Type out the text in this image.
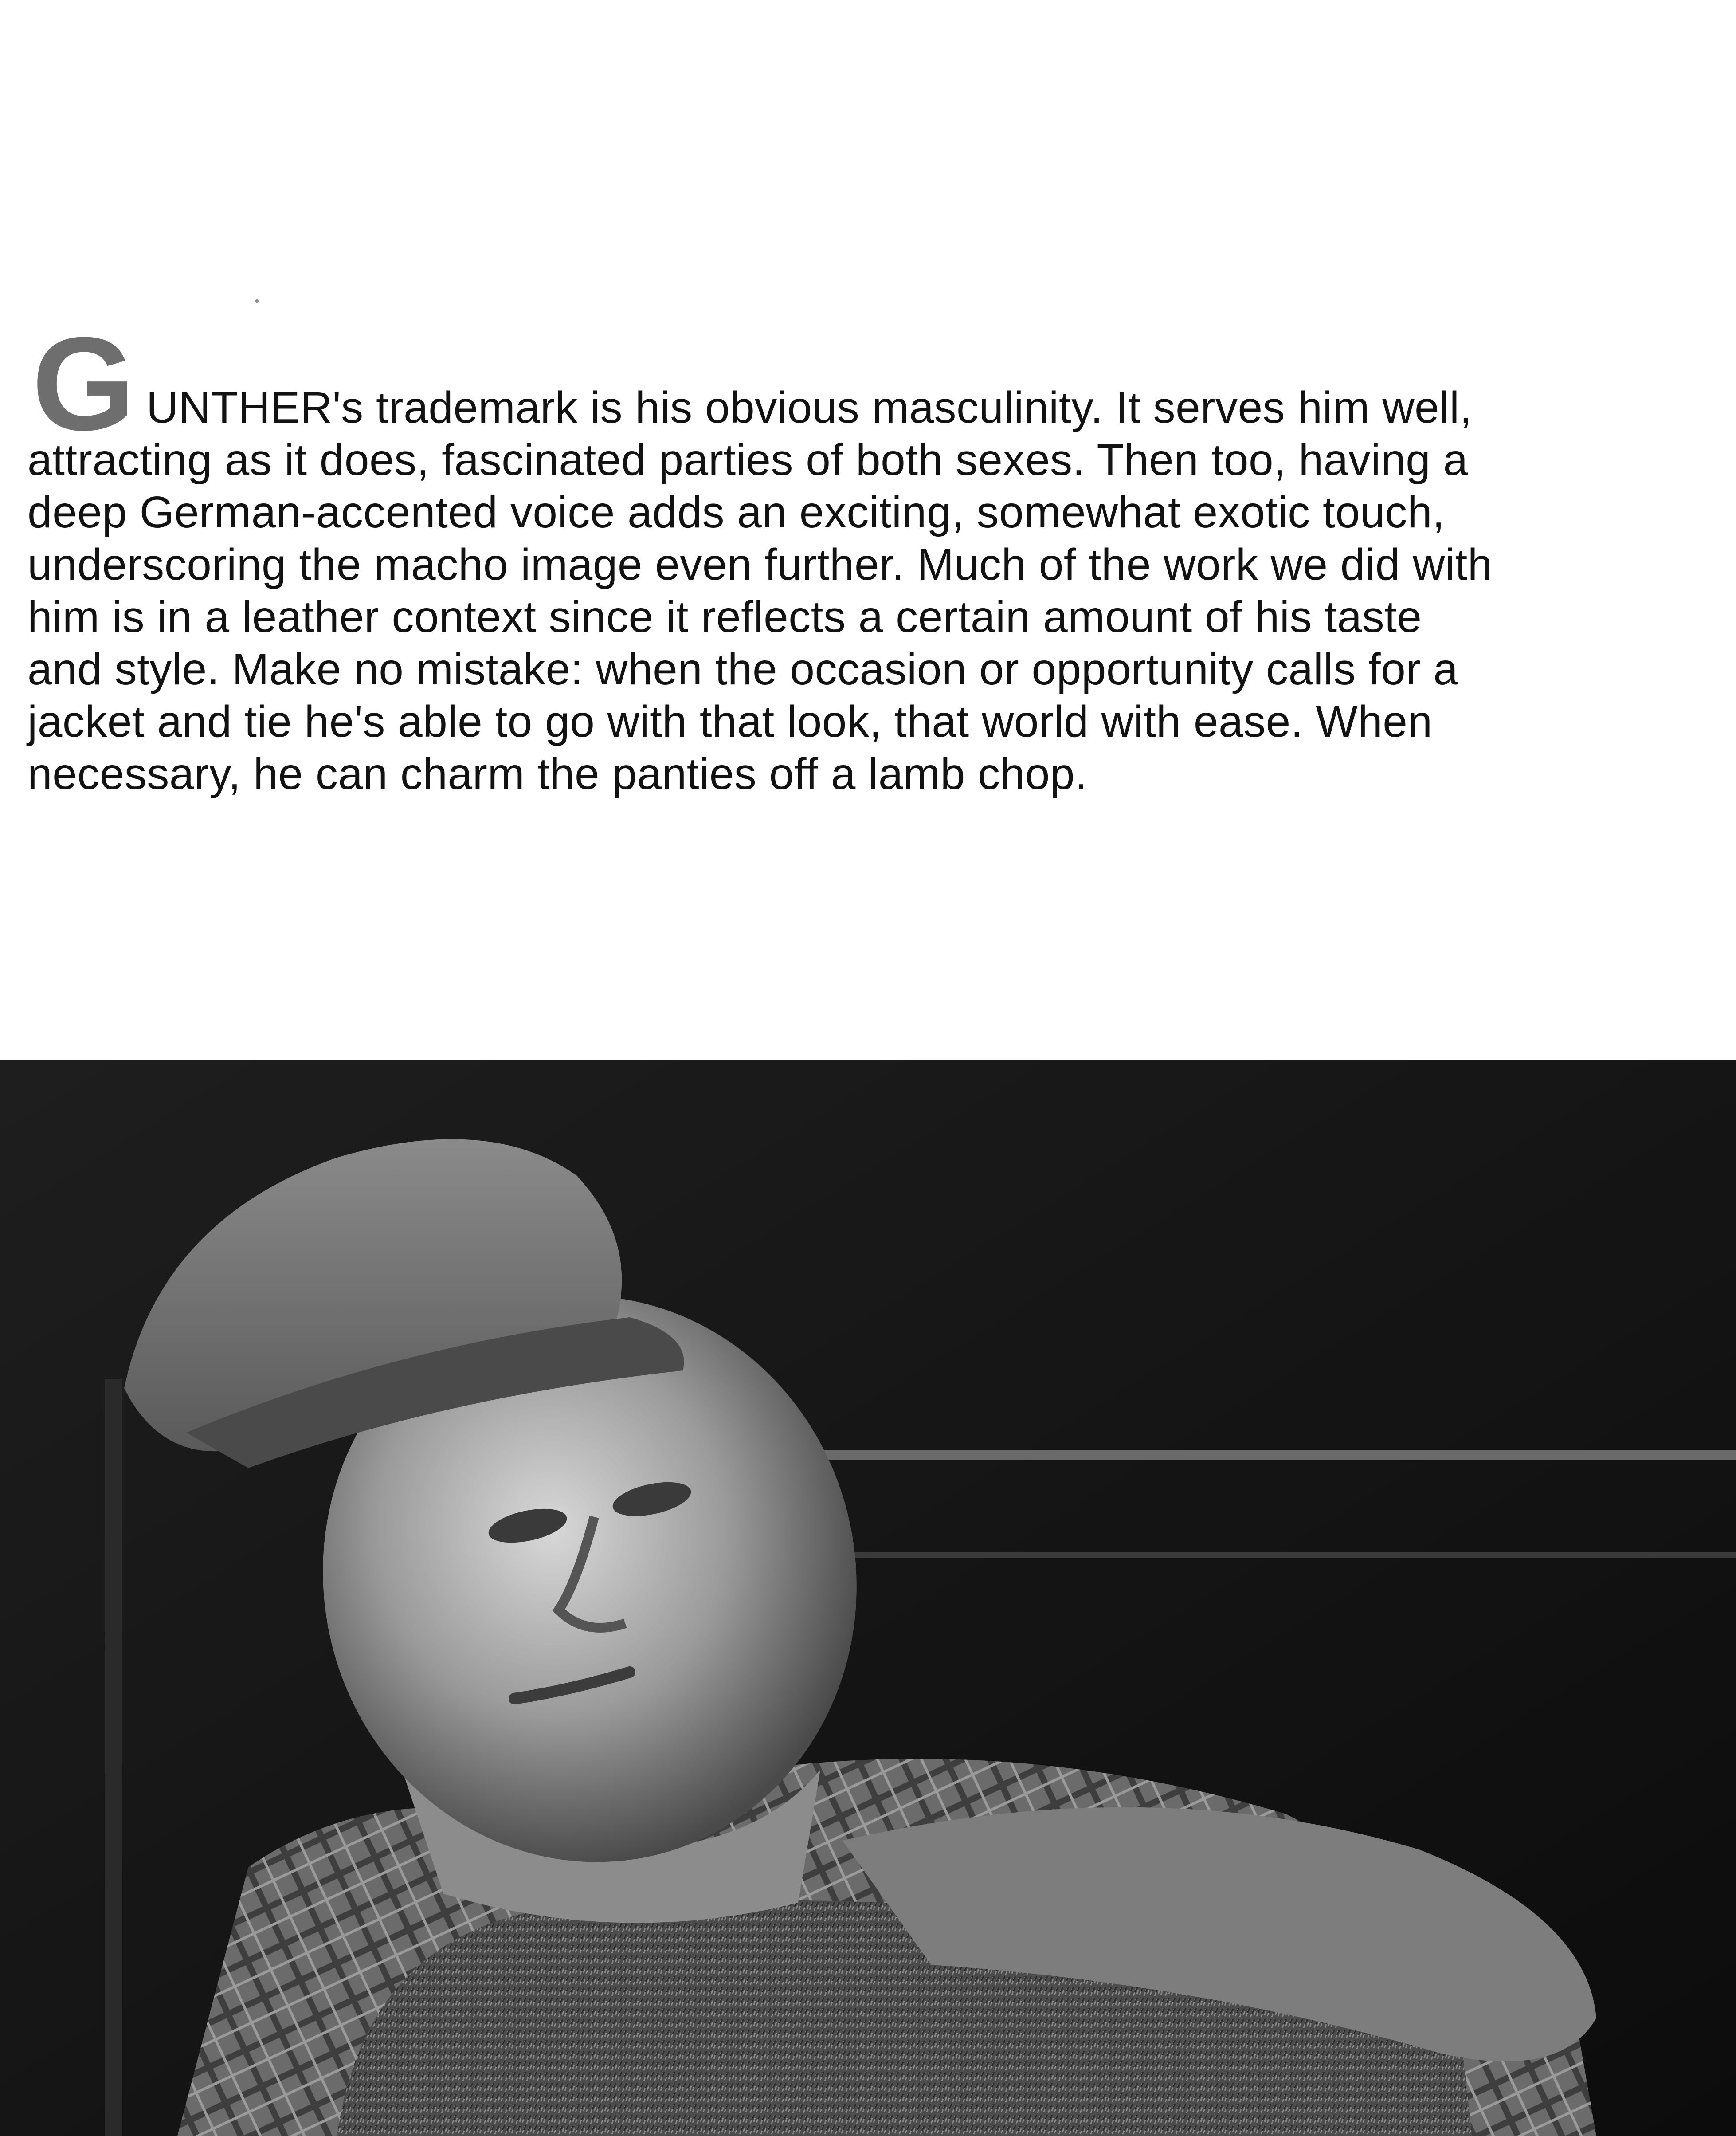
G UNTHER's trademark is his obvious masculinity. It serves him well,
attracting as it does, fascinated parties of both sexes. Then too, having a
deep German-accented voice adds an exciting, somewhat exotic touch,
underscoring the macho image even further. Much of the work we did with
him is in a leather context since it reflects a certain amount of his taste
and style. Make no mistake: when the occasion or opportunity calls for a
jacket and tie he's able to go with that look, that world with ease. When
necessary, he can charm the panties off a lamb chop.
